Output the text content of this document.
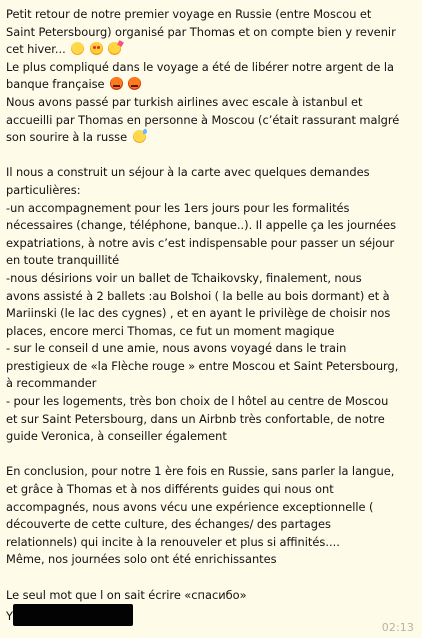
Petit retour de notre premier voyage en Russie (entre Moscou et
Saint Petersbourg) organisé par Thomas et on compte bien y revenir
cet hiver...
Le plus compliqué dans le voyage a été de libérer notre argent de la
banque française
Nous avons passé par turkish airlines avec escale à istanbul et
accueilli par Thomas en personne à Moscou (c’était rassurant malgré
son sourire à la russe
Il nous a construit un séjour à la carte avec quelques demandes
particulières:
-un accompagnement pour les 1ers jours pour les formalités
nécessaires (change, téléphone, banque..). Il appelle ça les journées
expatriations, à notre avis c’est indispensable pour passer un séjour
en toute tranquillité
-nous désirions voir un ballet de Tchaikovsky, finalement, nous
avons assisté à 2 ballets :au Bolshoi ( la belle au bois dormant) et à
Mariinski (le lac des cygnes) , et en ayant le privilège de choisir nos
places, encore merci Thomas, ce fut un moment magique
- sur le conseil d une amie, nous avons voyagé dans le train
prestigieux de «la Flèche rouge » entre Moscou et Saint Petersbourg,
à recommander
- pour les logements, très bon choix de l hôtel au centre de Moscou
et sur Saint Petersbourg, dans un Airbnb très confortable, de notre
guide Veronica, à conseiller également
En conclusion, pour notre 1 ère fois en Russie, sans parler la langue,
et grâce à Thomas et à nos différents guides qui nous ont
accompagnés, nous avons vécu une expérience exceptionnelle (
découverte de cette culture, des échanges/ des partages
relationnels) qui incite à la renouveler et plus si affinités....
Même, nos journées solo ont été enrichissantes
Le seul mot que l on sait écrire «спасибо»
Y
02:13
